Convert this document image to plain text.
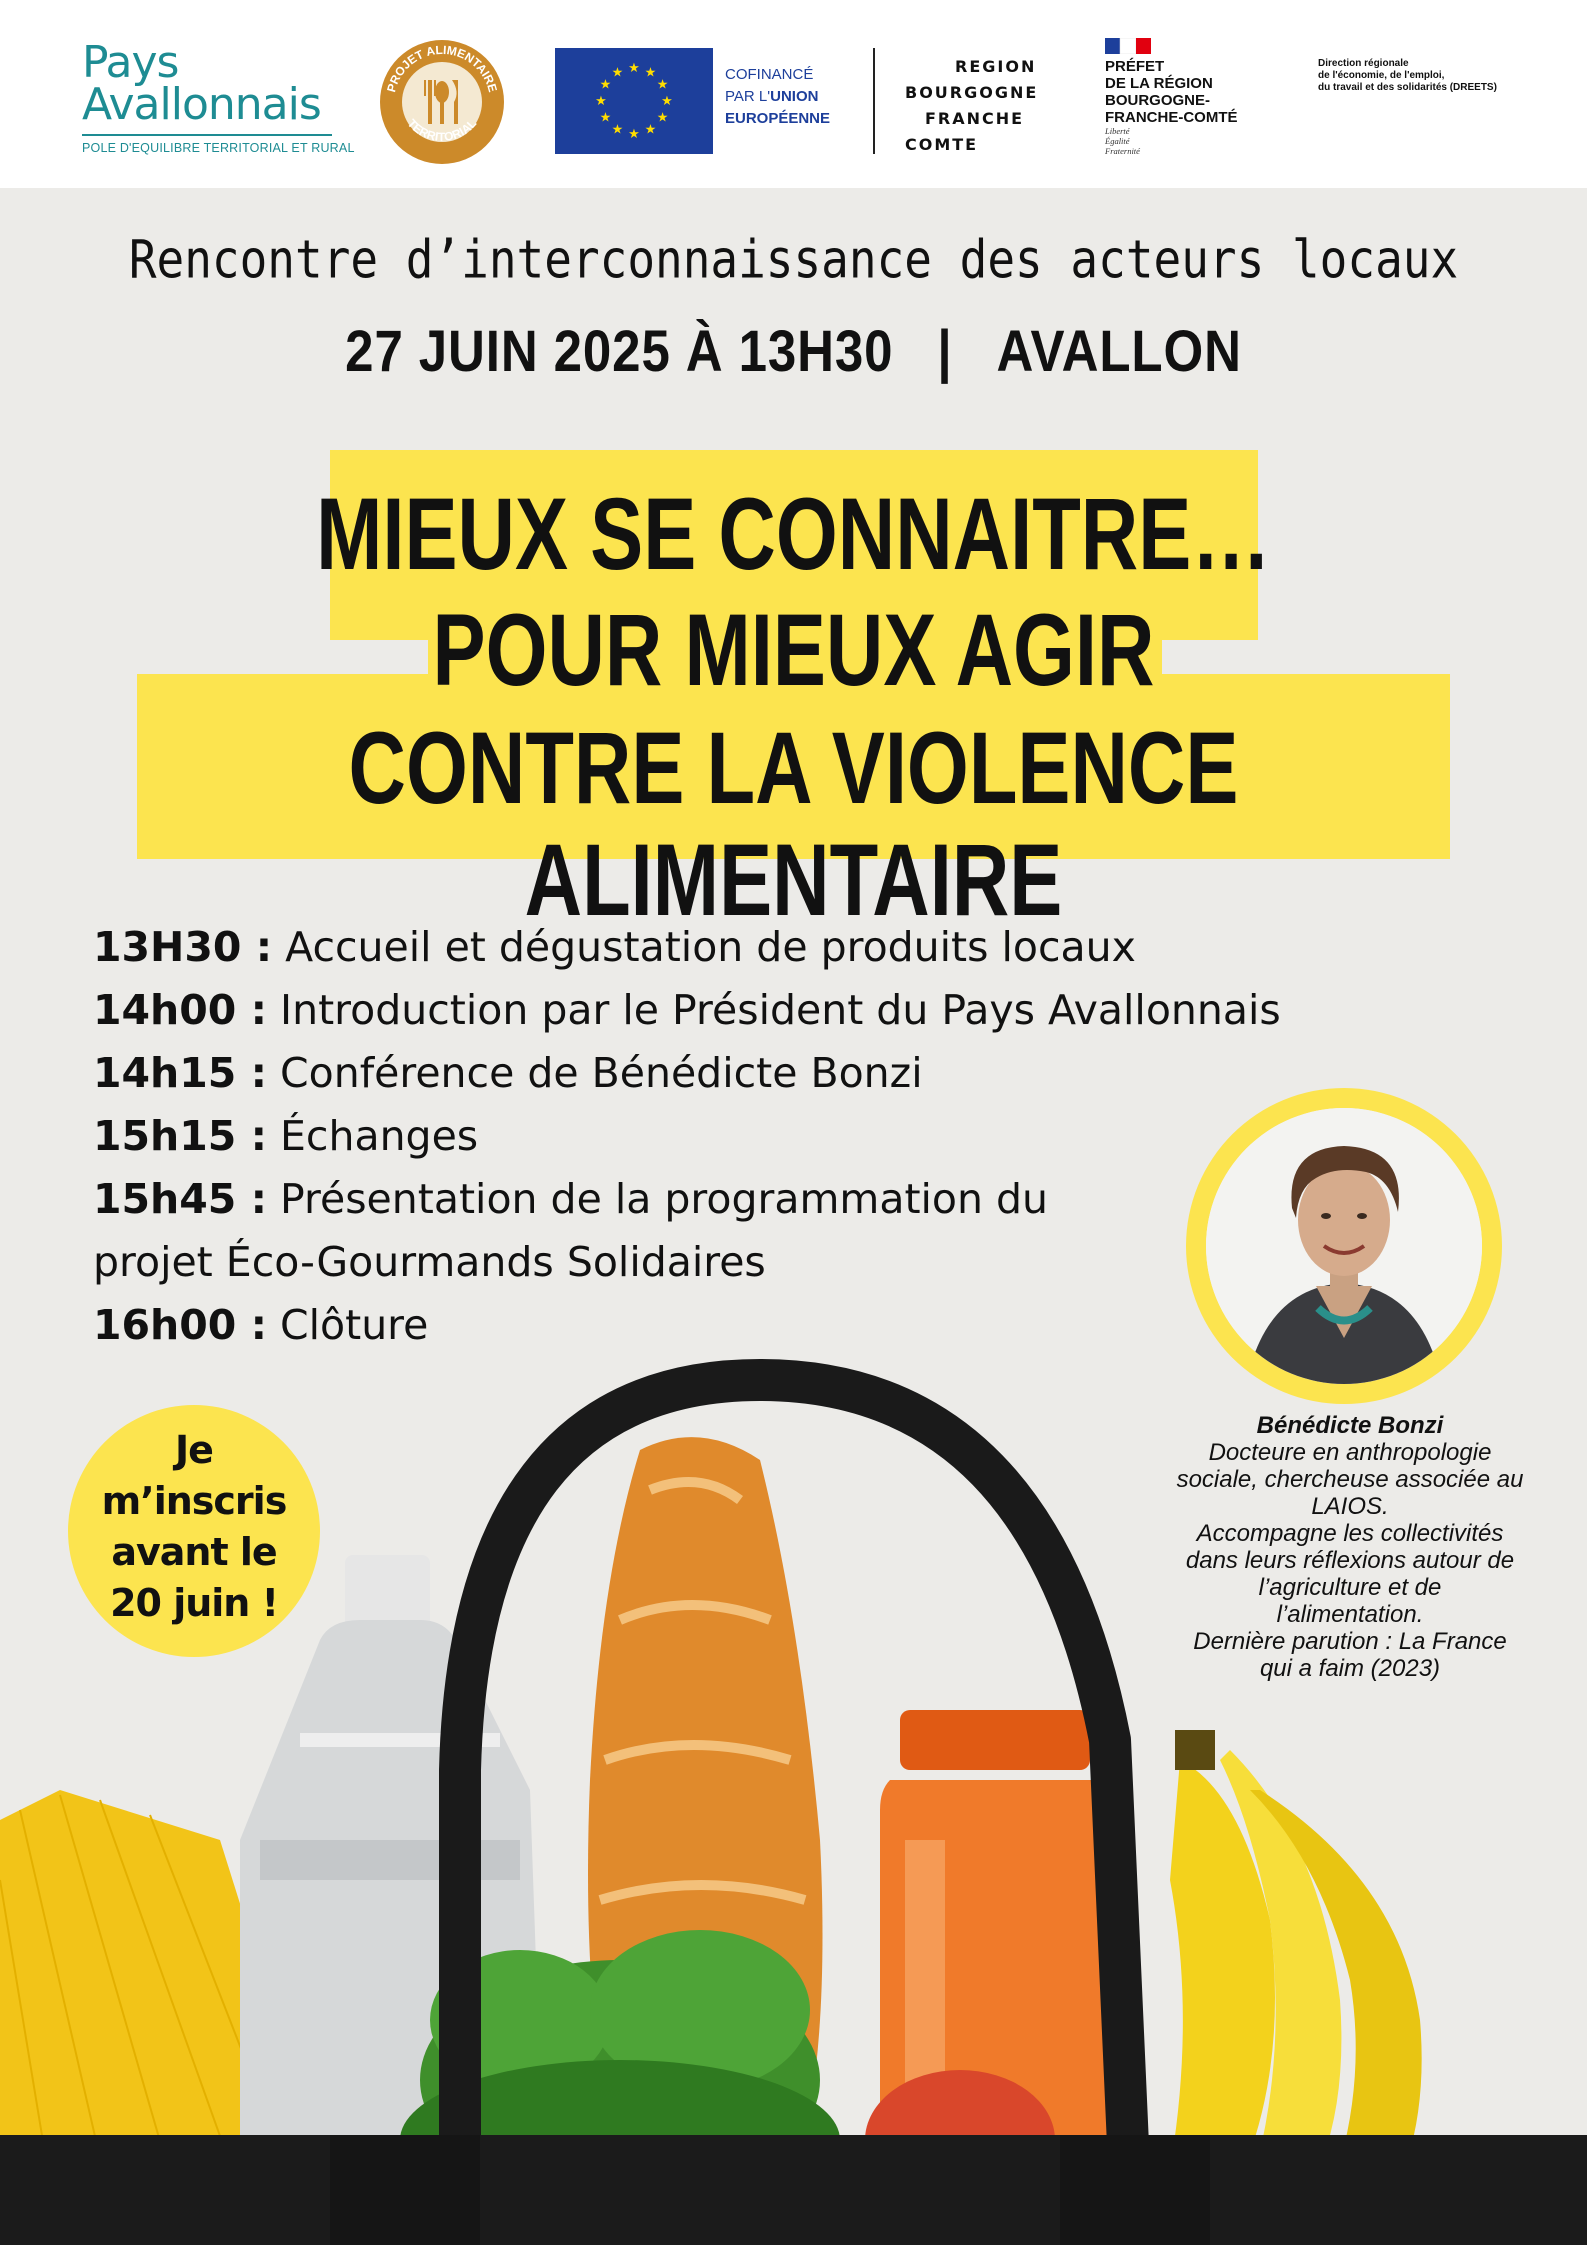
Pays
Avallonnais
POLE D'EQUILIBRE TERRITORIAL ET RURAL
PROJET ALIMENTAIRE
TERRITORIAL
★ ★
★
★
★
★
★
★
★
★
★
★	COFINANCÉ
PAR L'UNION
EUROPÉENNE
REGION
BOURGOGNE
FRANCHE
COMTE
PRÉFET
DE LA RÉGION
BOURGOGNE-
FRANCHE-COMTÉ
Liberté
Égalité
Fraternité
Direction régionale
de l'économie, de l'emploi,
du travail et des solidarités (DREETS)
Rencontre d’interconnaissance des acteurs locaux
27 JUIN 2025 À 13H30 | AVALLON
MIEUX SE CONNAITRE…
POUR MIEUX AGIR
CONTRE LA VIOLENCE ALIMENTAIRE
13H30 : Accueil et dégustation de produits locaux
14h00 : Introduction par le Président du Pays Avallonnais
14h15 : Conférence de Bénédicte Bonzi
15h15 : Échanges
15h45 : Présentation de la programmation du
projet Éco-Gourmands Solidaires
16h00 : Clôture
Bénédicte Bonzi
Docteure en anthropologie
sociale, chercheuse associée au
LAIOS.
Accompagne les collectivités
dans leurs réflexions autour de
l’agriculture et de
l’alimentation.
Dernière parution : La France
qui a faim (2023)
Je
m’inscris
avant le
20 juin !
